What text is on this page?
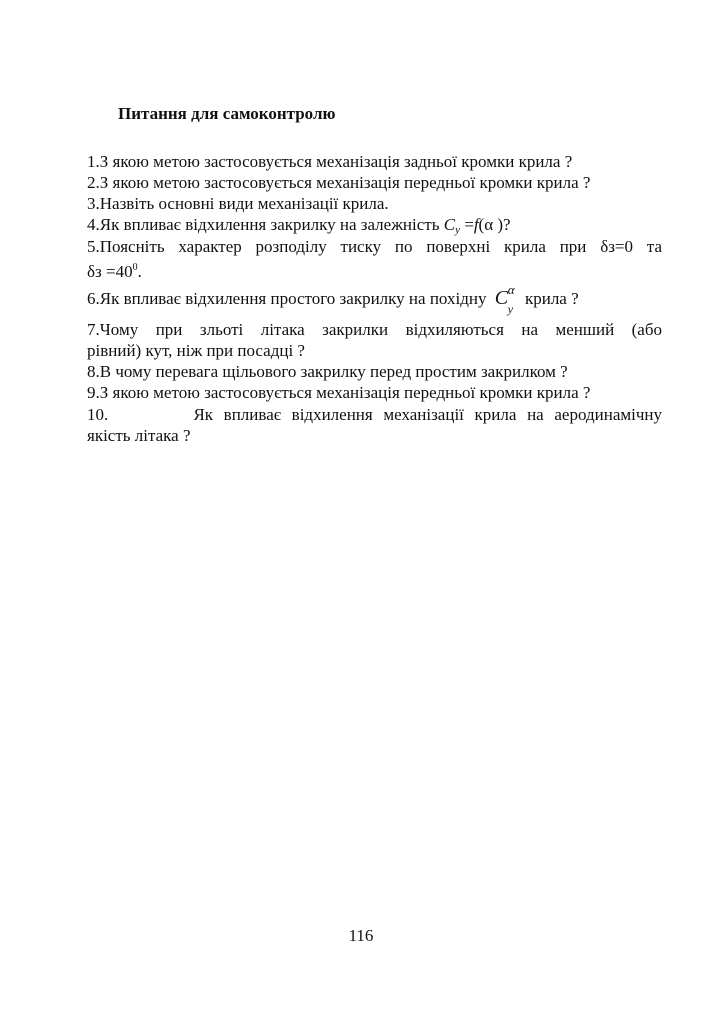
Питання для самоконтролю
1.З якою метою застосовується механізація задньої кромки крила ?
2.З якою метою застосовується механізація передньої кромки крила ?
3.Назвіть основні види механізації крила.
4.Як впливає відхилення закрилку на залежність $C_y =f(\alpha$ )?
5.Поясніть характер розподілу тиску по поверхні крила при δз=0 та
$\delta з =40^0$.
6.Як впливає відхилення простого закрилку на похідну C α
y
крила ?
7.Чому при зльоті літака закрилки відхиляються на менший (або
рівний) кут, ніж при посадці ?
8.В чому перевага щільового закрилку перед простим закрилком ?
9.З якою метою застосовується механізація передньої кромки крила ?
10.        Як впливає відхилення механізації крила на аеродинамічну
якість літака ?
116
